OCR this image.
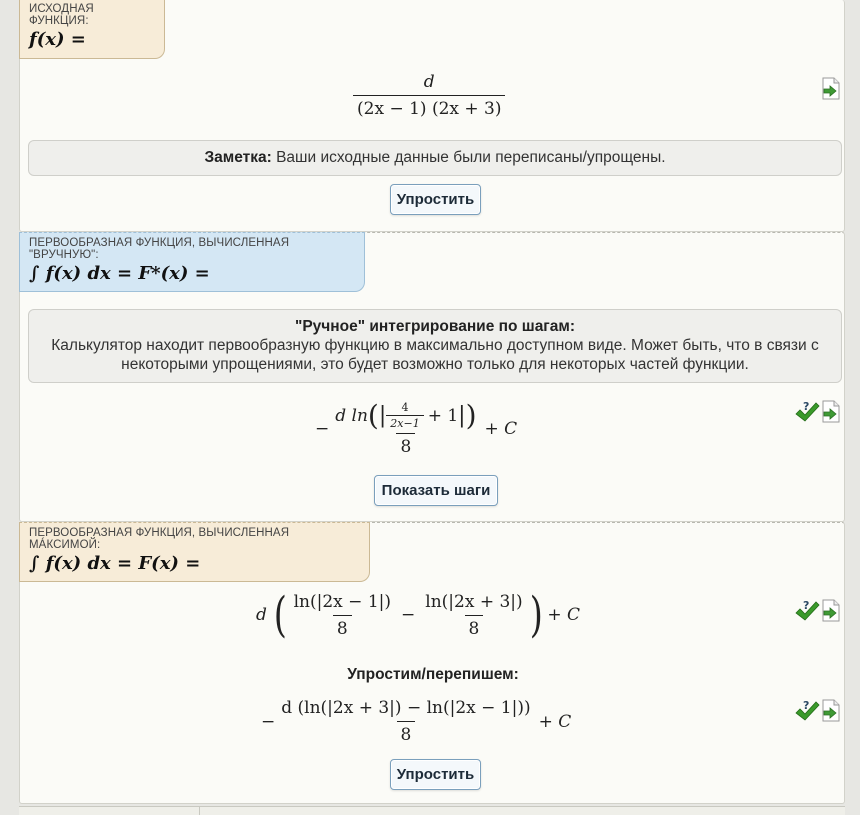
ИСХОДНАЯ ФУНКЦИЯ:
f(x) =
$\frac{d}{(2x - 1) (2x + 3)}$
Заметка: Ваши исходные данные были переписаны/упрощены.
Упростить
ПЕРВООБРАЗНАЯ ФУНКЦИЯ, ВЫЧИСЛЕННАЯ "ВРУЧНУЮ":
∫ f(x) dx = F*(x) =
"Ручное" интегрирование по шагам:
Калькулятор находит первообразную функцию в максимально доступном виде. Может быть, что в связи с некоторыми упрощениями, это будет возможно только для некоторых частей функции.
−
d ln ( | $\frac{4}{2x-1} + 1$ | )
8
+ C
?
Показать шаги
ПЕРВООБРАЗНАЯ ФУНКЦИЯ, ВЫЧИСЛЕННАЯ MÁКСИМОЙ:
∫ f(x) dx = F(x) =
d ( $\frac{\ln(|2x - 1|)}{8} - \frac{\ln(|2x + 3|)}{8}$ ) + C	?
Упростим/перепишем:
− $\frac{d (\ln(|2x + 3|) - \ln(|2x - 1|))}{8} + C$
?
Упростить
